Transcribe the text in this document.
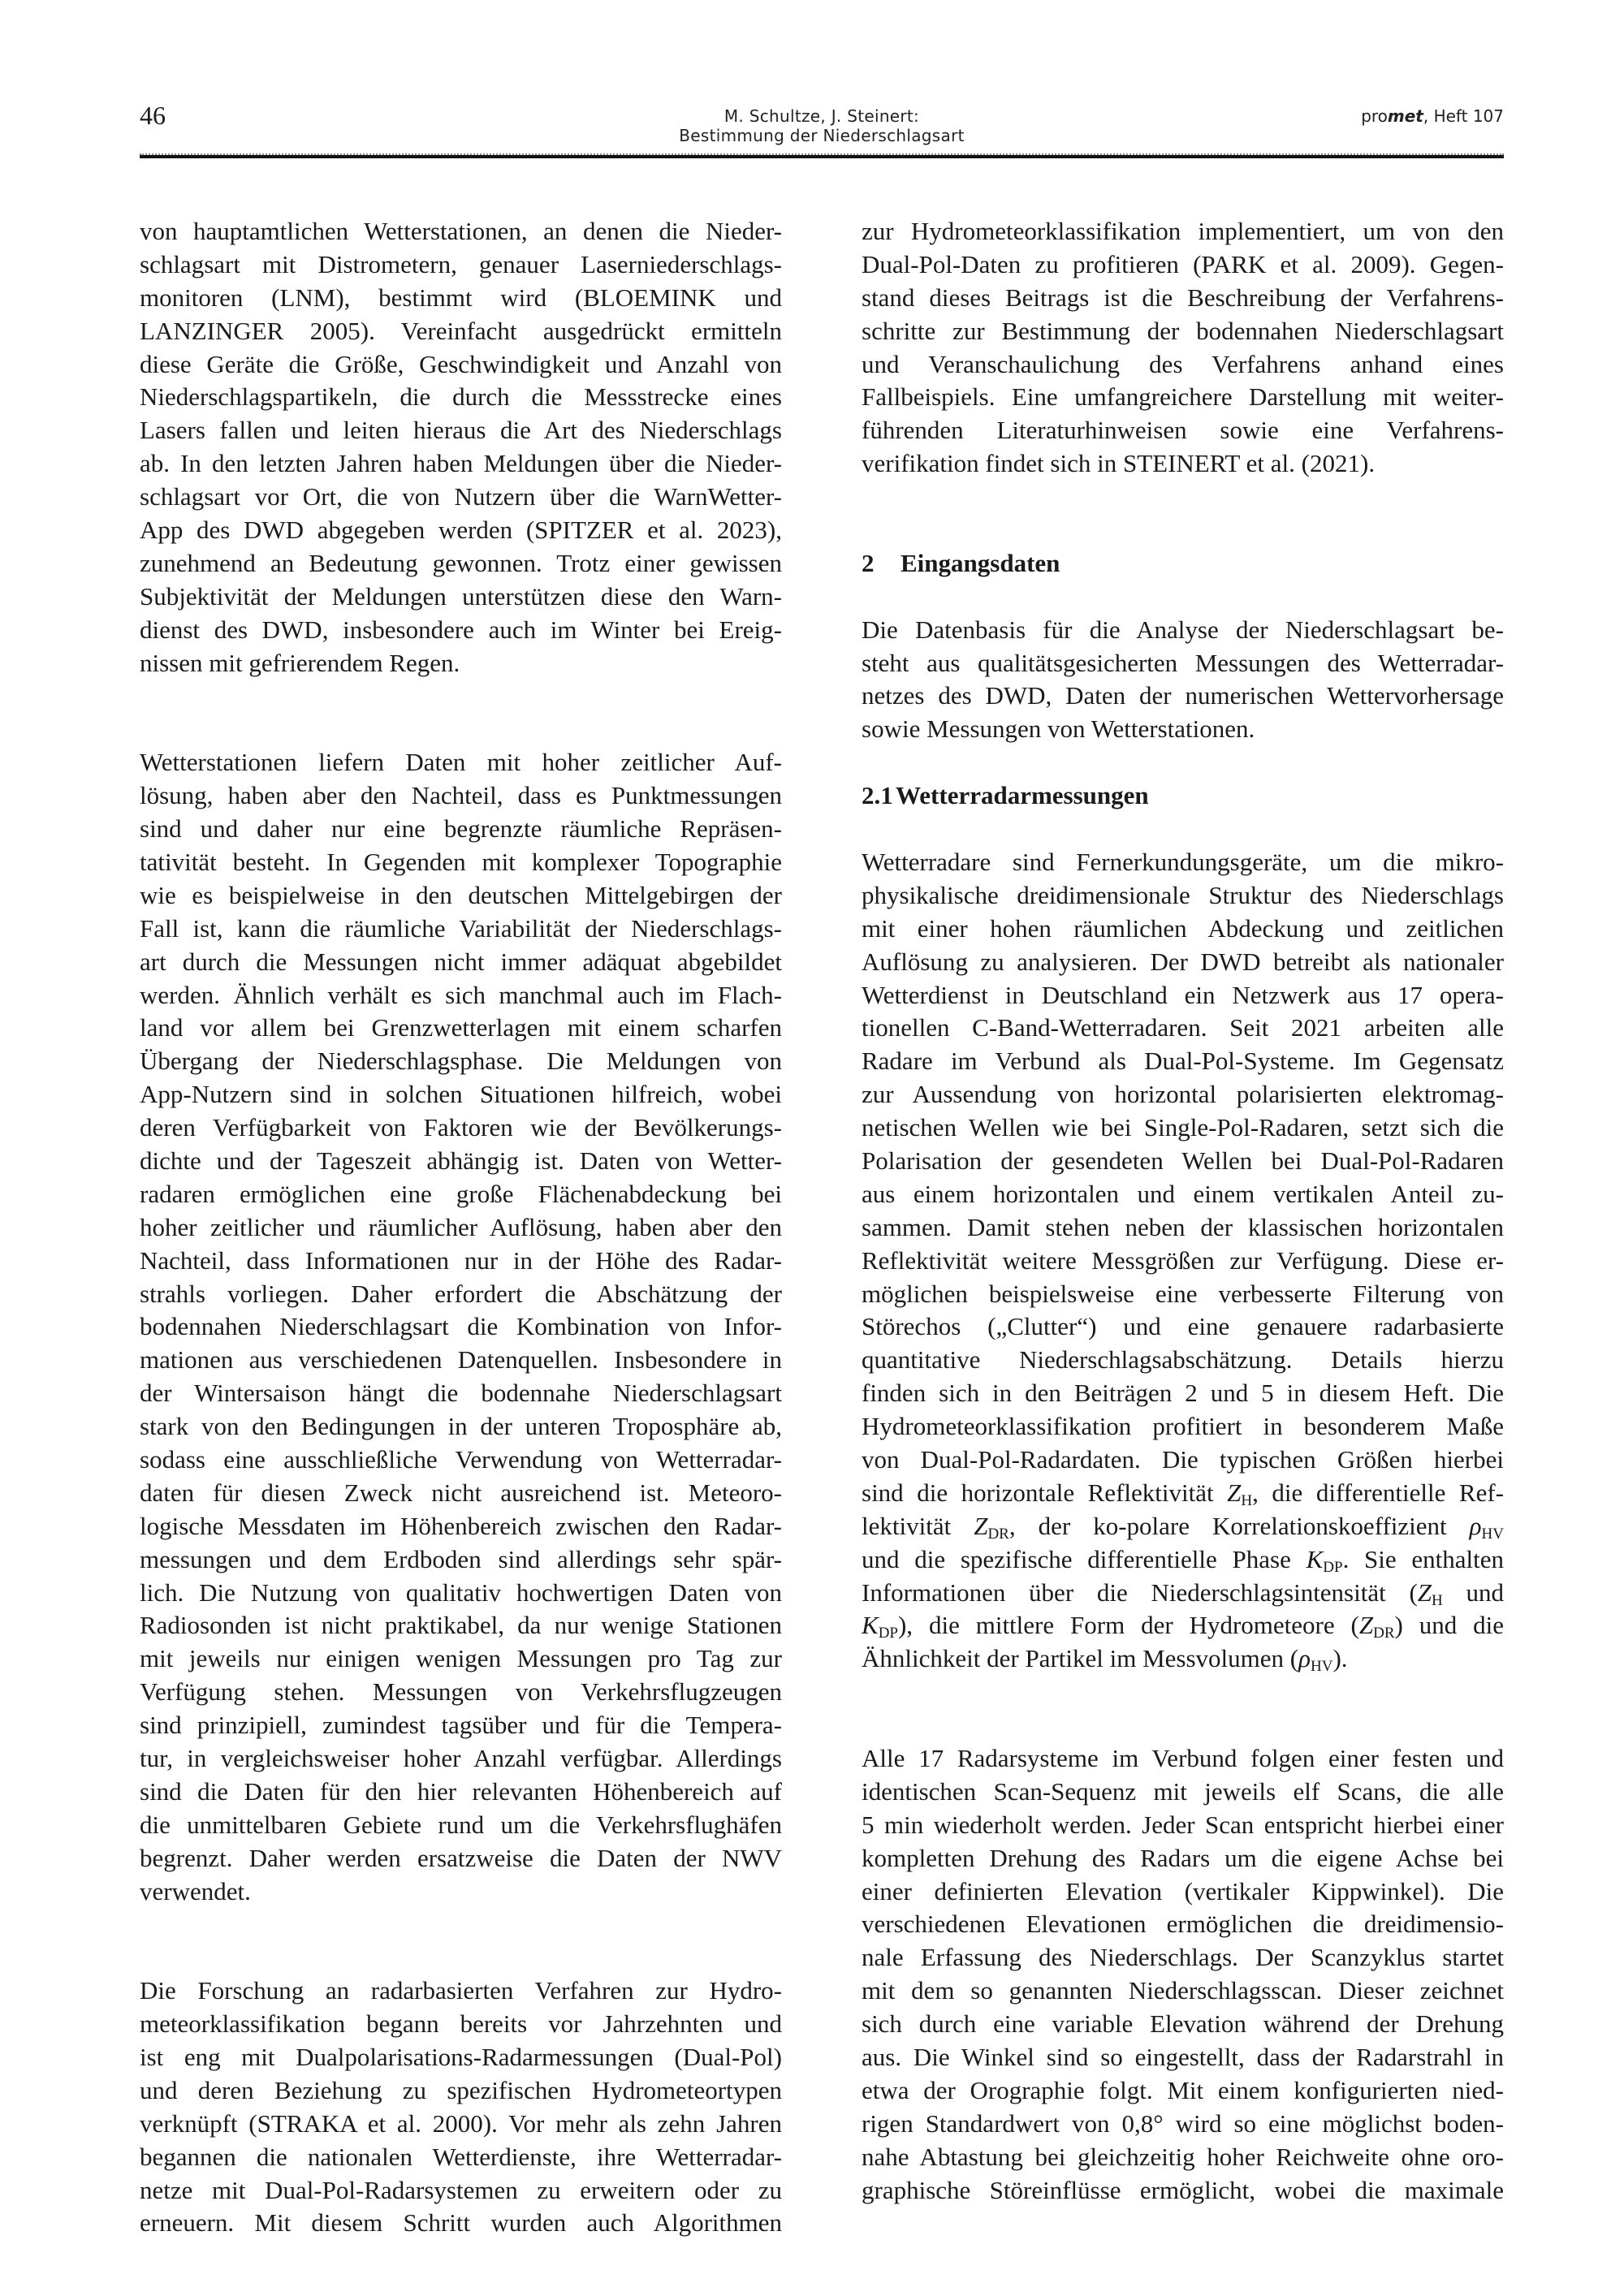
46	M. Schultze, J. Steinert:
Bestimmung der Niederschlagsart
promet, Heft 107
von hauptamtlichen Wetterstationen, an denen die Nieder-
schlagsart mit Distrometern, genauer Laserniederschlags-
monitoren (LNM), bestimmt wird (BLOEMINK und
LANZINGER 2005). Vereinfacht ausgedrückt ermitteln
diese Geräte die Größe, Geschwindigkeit und Anzahl von
Niederschlagspartikeln, die durch die Messstrecke eines
Lasers fallen und leiten hieraus die Art des Niederschlags
ab. In den letzten Jahren haben Meldungen über die Nieder-
schlagsart vor Ort, die von Nutzern über die WarnWetter-
App des DWD abgegeben werden (SPITZER et al. 2023),
zunehmend an Bedeutung gewonnen. Trotz einer gewissen
Subjektivität der Meldungen unterstützen diese den Warn-
dienst des DWD, insbesondere auch im Winter bei Ereig-
nissen mit gefrierendem Regen.
Wetterstationen liefern Daten mit hoher zeitlicher Auf-
lösung, haben aber den Nachteil, dass es Punktmessungen
sind und daher nur eine begrenzte räumliche Repräsen-
tativität besteht. In Gegenden mit komplexer Topographie
wie es beispielweise in den deutschen Mittelgebirgen der
Fall ist, kann die räumliche Variabilität der Niederschlags-
art durch die Messungen nicht immer adäquat abgebildet
werden. Ähnlich verhält es sich manchmal auch im Flach-
land vor allem bei Grenzwetterlagen mit einem scharfen
Übergang der Niederschlagsphase. Die Meldungen von
App-Nutzern sind in solchen Situationen hilfreich, wobei
deren Verfügbarkeit von Faktoren wie der Bevölkerungs-
dichte und der Tageszeit abhängig ist. Daten von Wetter-
radaren ermöglichen eine große Flächenabdeckung bei
hoher zeitlicher und räumlicher Auflösung, haben aber den
Nachteil, dass Informationen nur in der Höhe des Radar-
strahls vorliegen. Daher erfordert die Abschätzung der
bodennahen Niederschlagsart die Kombination von Infor-
mationen aus verschiedenen Datenquellen. Insbesondere in
der Wintersaison hängt die bodennahe Niederschlagsart
stark von den Bedingungen in der unteren Troposphäre ab,
sodass eine ausschließliche Verwendung von Wetterradar-
daten für diesen Zweck nicht ausreichend ist. Meteoro-
logische Messdaten im Höhenbereich zwischen den Radar-
messungen und dem Erdboden sind allerdings sehr spär-
lich. Die Nutzung von qualitativ hochwertigen Daten von
Radiosonden ist nicht praktikabel, da nur wenige Stationen
mit jeweils nur einigen wenigen Messungen pro Tag zur
Verfügung stehen. Messungen von Verkehrsflugzeugen
sind prinzipiell, zumindest tagsüber und für die Tempera-
tur, in vergleichsweiser hoher Anzahl verfügbar. Allerdings
sind die Daten für den hier relevanten Höhenbereich auf
die unmittelbaren Gebiete rund um die Verkehrsflughäfen
begrenzt. Daher werden ersatzweise die Daten der NWV
verwendet.
Die Forschung an radarbasierten Verfahren zur Hydro-
meteorklassifikation begann bereits vor Jahrzehnten und
ist eng mit Dualpolarisations-Radarmessungen (Dual-Pol)
und deren Beziehung zu spezifischen Hydrometeortypen
verknüpft (STRAKA et al. 2000). Vor mehr als zehn Jahren
begannen die nationalen Wetterdienste, ihre Wetterradar-
netze mit Dual-Pol-Radarsystemen zu erweitern oder zu
erneuern. Mit diesem Schritt wurden auch Algorithmen
zur Hydrometeorklassifikation implementiert, um von den
Dual-Pol-Daten zu profitieren (PARK et al. 2009). Gegen-
stand dieses Beitrags ist die Beschreibung der Verfahrens-
schritte zur Bestimmung der bodennahen Niederschlagsart
und Veranschaulichung des Verfahrens anhand eines
Fallbeispiels. Eine umfangreichere Darstellung mit weiter-
führenden Literaturhinweisen sowie eine Verfahrens-
verifikation findet sich in STEINERT et al. (2021).
2 Eingangsdaten
Die Datenbasis für die Analyse der Niederschlagsart be-
steht aus qualitätsgesicherten Messungen des Wetterradar-
netzes des DWD, Daten der numerischen Wettervorhersage
sowie Messungen von Wetterstationen.
2.1 Wetterradarmessungen
Wetterradare sind Fernerkundungsgeräte, um die mikro-
physikalische dreidimensionale Struktur des Niederschlags
mit einer hohen räumlichen Abdeckung und zeitlichen
Auflösung zu analysieren. Der DWD betreibt als nationaler
Wetterdienst in Deutschland ein Netzwerk aus 17 opera-
tionellen C-Band-Wetterradaren. Seit 2021 arbeiten alle
Radare im Verbund als Dual-Pol-Systeme. Im Gegensatz
zur Aussendung von horizontal polarisierten elektromag-
netischen Wellen wie bei Single-Pol-Radaren, setzt sich die
Polarisation der gesendeten Wellen bei Dual-Pol-Radaren
aus einem horizontalen und einem vertikalen Anteil zu-
sammen. Damit stehen neben der klassischen horizontalen
Reflektivität weitere Messgrößen zur Verfügung. Diese er-
möglichen beispielsweise eine verbesserte Filterung von
Störechos („Clutter“) und eine genauere radarbasierte
quantitative Niederschlagsabschätzung. Details hierzu
finden sich in den Beiträgen 2 und 5 in diesem Heft. Die
Hydrometeorklassifikation profitiert in besonderem Maße
von Dual-Pol-Radardaten. Die typischen Größen hierbei
sind die horizontale Reflektivität $Z_H$, die differentielle Ref-
lektivität $Z_{DR}$, der ko-polare Korrelationskoeffizient $\rho_{HV}$
und die spezifische differentielle Phase $K_{DP}$. Sie enthalten
Informationen über die Niederschlagsintensität ($Z_H$ und
$K_{DP}$), die mittlere Form der Hydrometeore $(Z_{DR})$ und die
Ähnlichkeit der Partikel im Messvolumen $(\rho_{HV})$.
Alle 17 Radarsysteme im Verbund folgen einer festen und
identischen Scan-Sequenz mit jeweils elf Scans, die alle
5 min wiederholt werden. Jeder Scan entspricht hierbei einer
kompletten Drehung des Radars um die eigene Achse bei
einer definierten Elevation (vertikaler Kippwinkel). Die
verschiedenen Elevationen ermöglichen die dreidimensio-
nale Erfassung des Niederschlags. Der Scanzyklus startet
mit dem so genannten Niederschlagsscan. Dieser zeichnet
sich durch eine variable Elevation während der Drehung
aus. Die Winkel sind so eingestellt, dass der Radarstrahl in
etwa der Orographie folgt. Mit einem konfigurierten nied-
rigen Standardwert von 0,8° wird so eine möglichst boden-
nahe Abtastung bei gleichzeitig hoher Reichweite ohne oro-
graphische Störeinflüsse ermöglicht, wobei die maximale
